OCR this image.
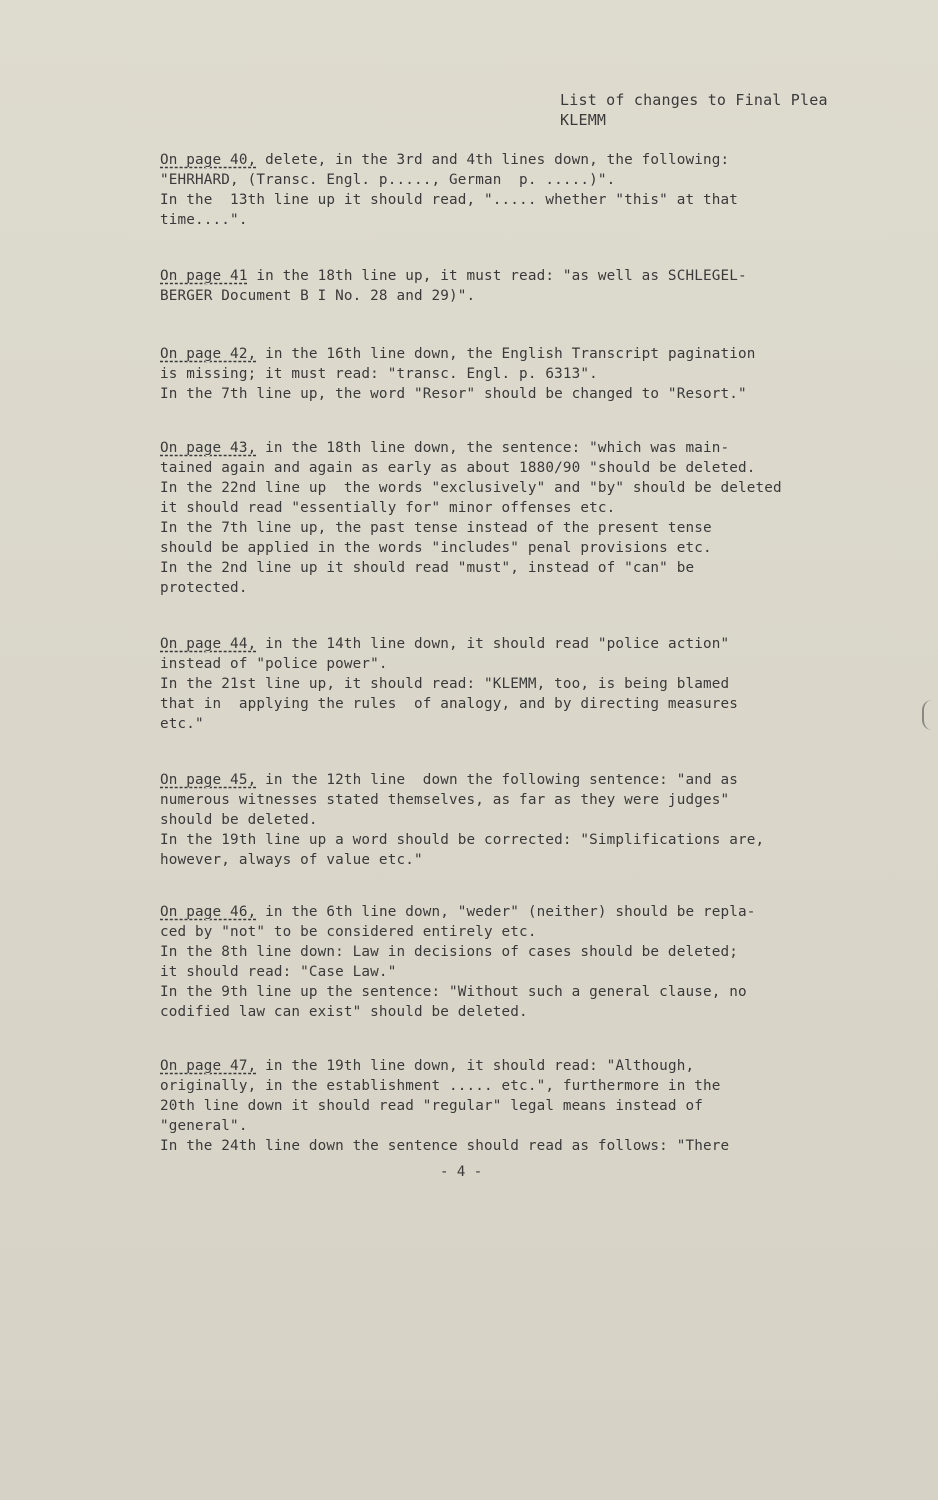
List of changes to Final Plea
KLEMM
On page 40, delete, in the 3rd and 4th lines down, the following:
"EHRHARD, (Transc. Engl. p....., German  p. .....)".
In the  13th line up it should read, "..... whether "this" at that
time....".
On page 41 in the 18th line up, it must read: "as well as SCHLEGEL-
BERGER Document B I No. 28 and 29)".
On page 42, in the 16th line down, the English Transcript pagination
is missing; it must read: "transc. Engl. p. 6313".
In the 7th line up, the word "Resor" should be changed to "Resort."
On page 43, in the 18th line down, the sentence: "which was main-
tained again and again as early as about 1880/90 "should be deleted.
In the 22nd line up  the words "exclusively" and "by" should be deleted
it should read "essentially for" minor offenses etc.
In the 7th line up, the past tense instead of the present tense
should be applied in the words "includes" penal provisions etc.
In the 2nd line up it should read "must", instead of "can" be
protected.
On page 44, in the 14th line down, it should read "police action"
instead of "police power".
In the 21st line up, it should read: "KLEMM, too, is being blamed
that in  applying the rules  of analogy, and by directing measures
etc."
On page 45, in the 12th line  down the following sentence: "and as
numerous witnesses stated themselves, as far as they were judges"
should be deleted.
In the 19th line up a word should be corrected: "Simplifications are,
however, always of value etc."
On page 46, in the 6th line down, "weder" (neither) should be repla-
ced by "not" to be considered entirely etc.
In the 8th line down: Law in decisions of cases should be deleted;
it should read: "Case Law."
In the 9th line up the sentence: "Without such a general clause, no
codified law can exist" should be deleted.
On page 47, in the 19th line down, it should read: "Although,
originally, in the establishment ..... etc.", furthermore in the
20th line down it should read "regular" legal means instead of
"general".
In the 24th line down the sentence should read as follows: "There
- 4 -
